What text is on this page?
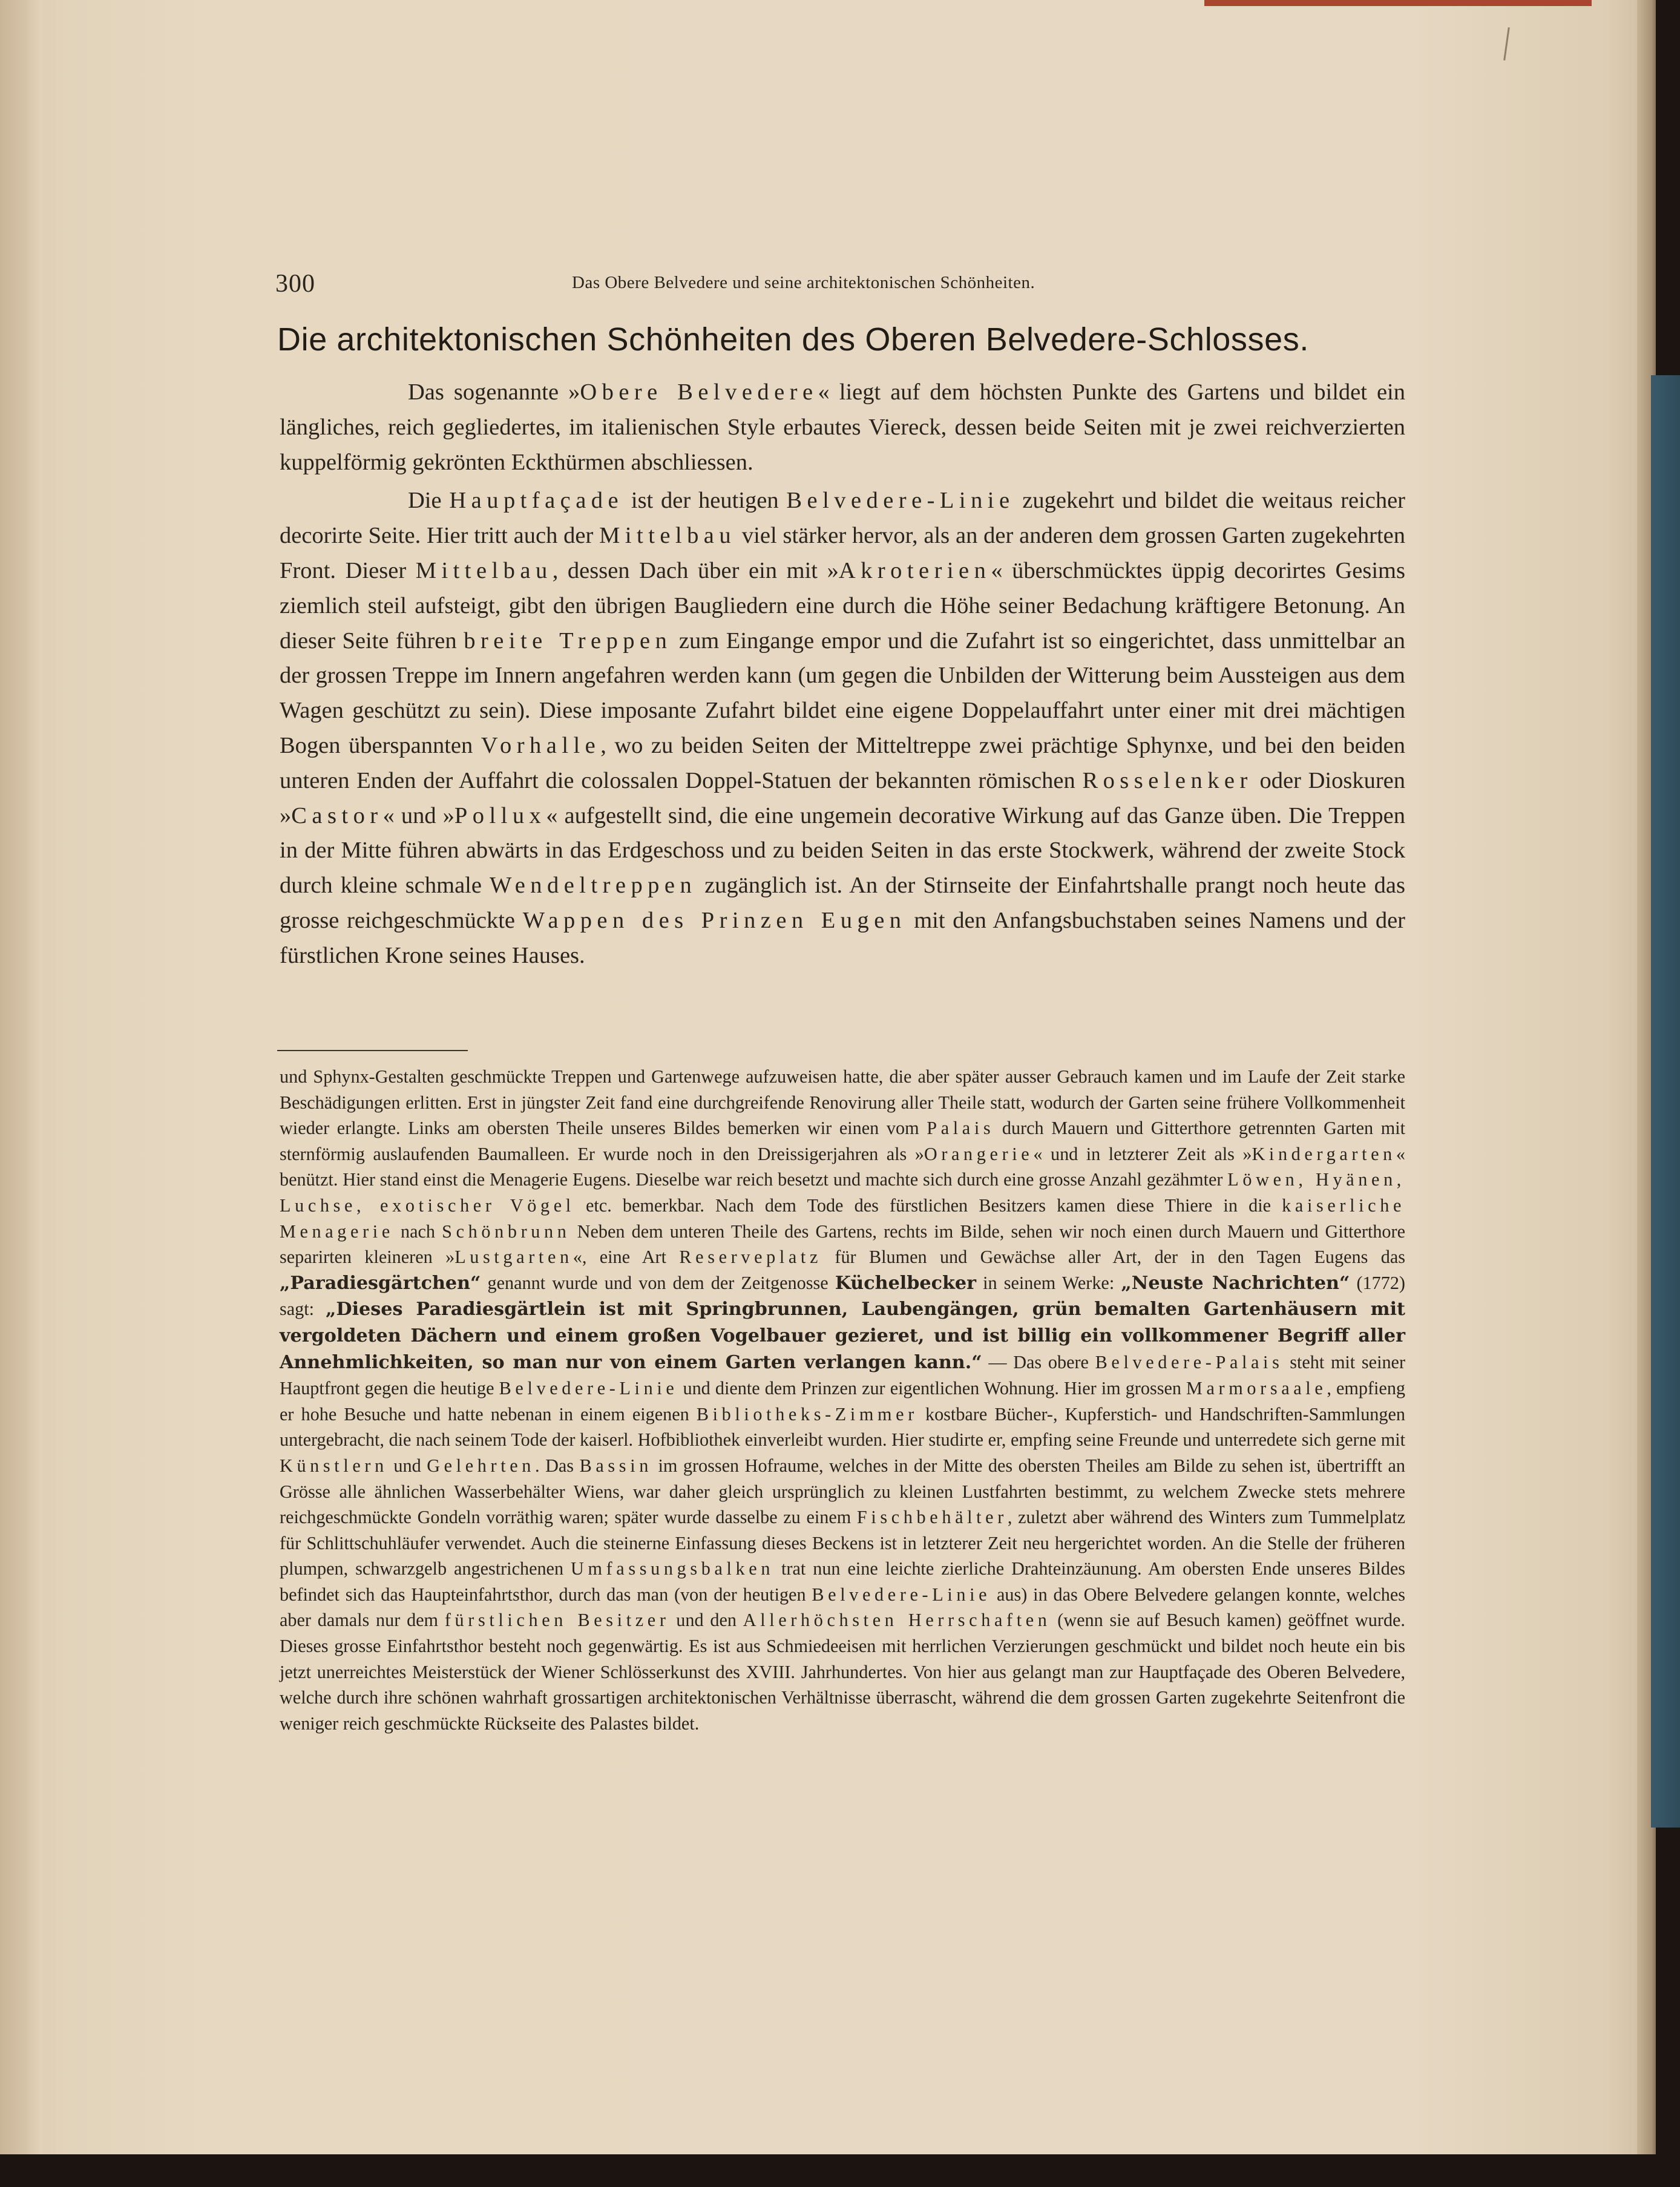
300	Das Obere Belvedere und seine architektonischen Schönheiten.
Die architektonischen Schönheiten des Oberen Belvedere-Schlosses.

Das sogenannte »Obere Belvedere« liegt auf dem höchsten Punkte des Gartens und bildet ein längliches, reich gegliedertes, im italienischen Style erbautes Viereck, dessen beide Seiten mit je zwei reichverzierten kuppelförmig gekrönten Eckthürmen abschliessen.

Die Hauptfaçade ist der heutigen Belvedere-Linie zugekehrt und bildet die weitaus reicher decorirte Seite. Hier tritt auch der Mittelbau viel stärker hervor, als an der anderen dem grossen Garten zugekehrten Front. Dieser Mittelbau, dessen Dach über ein mit »Akroterien« überschmücktes üppig decorirtes Gesims ziemlich steil aufsteigt, gibt den übrigen Baugliedern eine durch die Höhe seiner Bedachung kräftigere Betonung. An dieser Seite führen breite Treppen zum Eingange empor und die Zufahrt ist so eingerichtet, dass unmittelbar an der grossen Treppe im Innern angefahren werden kann (um gegen die Unbilden der Witterung beim Aussteigen aus dem Wagen geschützt zu sein). Diese imposante Zufahrt bildet eine eigene Doppelauffahrt unter einer mit drei mächtigen Bogen überspannten Vorhalle, wo zu beiden Seiten der Mitteltreppe zwei prächtige Sphynxe, und bei den beiden unteren Enden der Auffahrt die colossalen Doppel-Statuen der bekannten römischen Rosselenker oder Dioskuren »Castor« und »Pollux« aufgestellt sind, die eine ungemein decorative Wirkung auf das Ganze üben. Die Treppen in der Mitte führen abwärts in das Erdgeschoss und zu beiden Seiten in das erste Stockwerk, während der zweite Stock durch kleine schmale Wendeltreppen zugänglich ist. An der Stirnseite der Einfahrtshalle prangt noch heute das grosse reichgeschmückte Wappen des Prinzen Eugen mit den Anfangsbuchstaben seines Namens und der fürstlichen Krone seines Hauses.

und Sphynx-Gestalten geschmückte Treppen und Gartenwege aufzuweisen hatte, die aber später ausser Gebrauch kamen und im Laufe der Zeit starke Beschädigungen erlitten. Erst in jüngster Zeit fand eine durchgreifende Renovirung aller Theile statt, wodurch der Garten seine frühere Vollkommenheit wieder erlangte. Links am obersten Theile unseres Bildes bemerken wir einen vom Palais durch Mauern und Gitterthore getrennten Garten mit sternförmig auslaufenden Baumalleen. Er wurde noch in den Dreissigerjahren als »Orangerie« und in letzterer Zeit als »Kindergarten« benützt. Hier stand einst die Menagerie Eugens. Dieselbe war reich besetzt und machte sich durch eine grosse Anzahl gezähmter Löwen, Hyänen, Luchse, exotischer Vögel etc. bemerkbar. Nach dem Tode des fürstlichen Besitzers kamen diese Thiere in die kaiserliche Menagerie nach Schönbrunn Neben dem unteren Theile des Gartens, rechts im Bilde, sehen wir noch einen durch Mauern und Gitterthore separirten kleineren »Lustgarten«, eine Art Reserveplatz für Blumen und Gewächse aller Art, der in den Tagen Eugens das „Paradiesgärtchen“ genannt wurde und von dem der Zeitgenosse Küchelbecker in seinem Werke: „Neuste Nachrichten“ (1772) sagt: „Dieses Paradiesgärtlein ist mit Springbrunnen, Laubengängen, grün bemalten Gartenhäusern mit vergoldeten Dächern und einem großen Vogelbauer gezieret, und ist billig ein vollkommener Begriff aller Annehmlichkeiten, so man nur von einem Garten verlangen kann.“ — Das obere Belvedere-Palais steht mit seiner Hauptfront gegen die heutige Belvedere-Linie und diente dem Prinzen zur eigentlichen Wohnung. Hier im grossen Marmorsaale, empfieng er hohe Besuche und hatte nebenan in einem eigenen Bibliotheks-Zimmer kostbare Bücher-, Kupferstich- und Handschriften-Sammlungen untergebracht, die nach seinem Tode der kaiserl. Hofbibliothek einverleibt wurden. Hier studirte er, empfing seine Freunde und unterredete sich gerne mit Künstlern und Gelehrten. Das Bassin im grossen Hofraume, welches in der Mitte des obersten Theiles am Bilde zu sehen ist, übertrifft an Grösse alle ähnlichen Wasserbehälter Wiens, war daher gleich ursprünglich zu kleinen Lustfahrten bestimmt, zu welchem Zwecke stets mehrere reichgeschmückte Gondeln vorräthig waren; später wurde dasselbe zu einem Fischbehälter, zuletzt aber während des Winters zum Tummelplatz für Schlittschuhläufer verwendet. Auch die steinerne Einfassung dieses Beckens ist in letzterer Zeit neu hergerichtet worden. An die Stelle der früheren plumpen, schwarzgelb angestrichenen Umfassungsbalken trat nun eine leichte zierliche Drahteinzäunung. Am obersten Ende unseres Bildes befindet sich das Haupteinfahrtsthor, durch das man (von der heutigen Belvedere-Linie aus) in das Obere Belvedere gelangen konnte, welches aber damals nur dem fürstlichen Besitzer und den Allerhöchsten Herrschaften (wenn sie auf Besuch kamen) geöffnet wurde. Dieses grosse Einfahrtsthor besteht noch gegenwärtig. Es ist aus Schmiedeeisen mit herrlichen Verzierungen geschmückt und bildet noch heute ein bis jetzt unerreichtes Meisterstück der Wiener Schlösserkunst des XVIII. Jahrhundertes. Von hier aus gelangt man zur Hauptfaçade des Oberen Belvedere, welche durch ihre schönen wahrhaft grossartigen architektonischen Verhältnisse überrascht, während die dem grossen Garten zugekehrte Seitenfront die weniger reich geschmückte Rückseite des Palastes bildet.
